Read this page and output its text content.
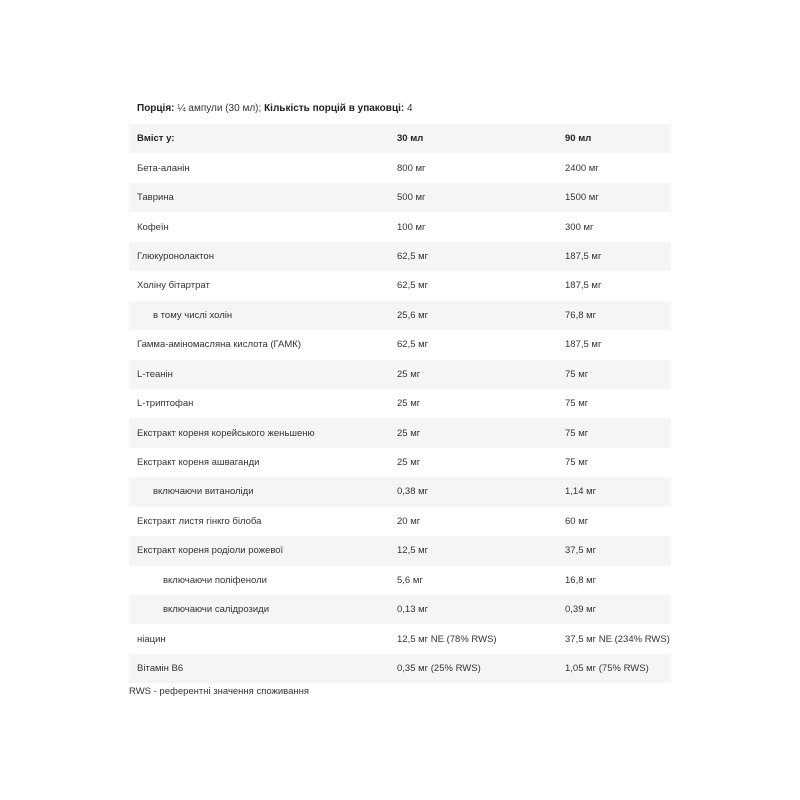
Порція: ¼ ампули (30 мл); Кількість порцій в упаковці: 4
Вміст у:	30 мл	90 мл
Бета-аланін	800 мг	2400 мг
Таврина	500 мг	1500 мг
Кофеїн	100 мг	300 мг
Глюкуронолактон	62,5 мг	187,5 мг
Холіну бітартрат	62,5 мг	187,5 мг
в тому числі холін	25,6 мг	76,8 мг
Гамма-аміномасляна кислота (ГАМК)	62,5 мг	187,5 мг
L-теанін	25 мг	75 мг
L-триптофан	25 мг	75 мг
Екстракт кореня корейського женьшеню	25 мг	75 мг
Екстракт кореня ашваганди	25 мг	75 мг
включаючи витаноліди	0,38 мг	1,14 мг
Екстракт листя гінкго білоба	20 мг	60 мг
Екстракт кореня родіоли рожевої	12,5 мг	37,5 мг
включаючи поліфеноли	5,6 мг	16,8 мг
включаючи салідрозиди	0,13 мг	0,39 мг
ніацин	12,5 мг NE (78% RWS)	37,5 мг NE (234% RWS)
Вітамін В6	0,35 мг (25% RWS)	1,05 мг (75% RWS)
RWS - референтні значення споживання
